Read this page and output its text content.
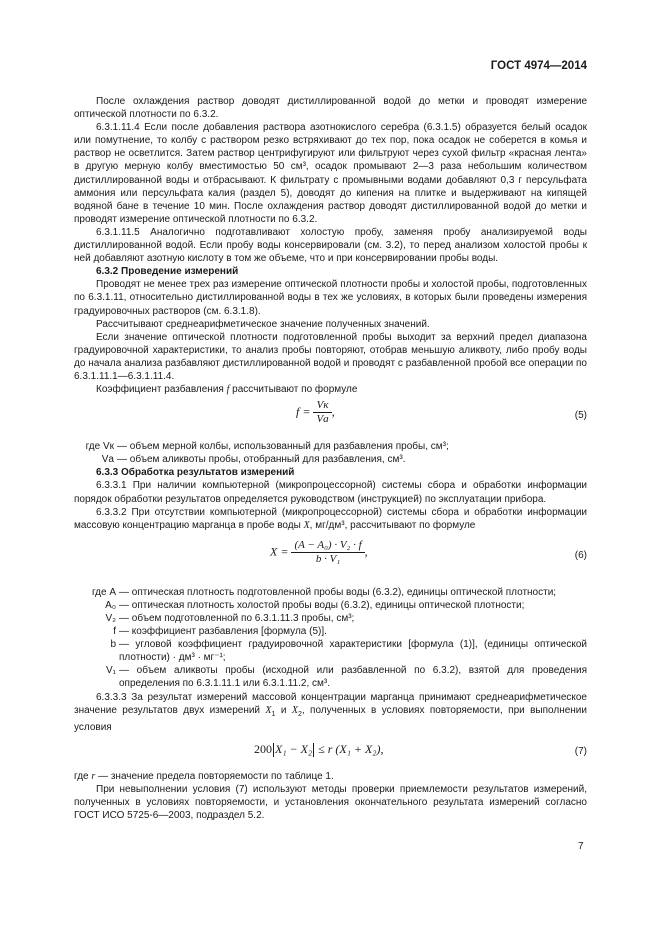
ГОСТ 4974—2014

После охлаждения раствор доводят дистиллированной водой до метки и проводят измерение оптической плотности по 6.3.2.

6.3.1.11.4 Если после добавления раствора азотнокислого серебра (6.3.1.5) образуется белый осадок или помутнение, то колбу с раствором резко встряхивают до тех пор, пока осадок не соберется в комья и раствор не осветлится. Затем раствор центрифугируют или фильтруют через сухой фильтр «красная лента» в другую мерную колбу вместимостью 50 см³, осадок промывают 2—3 раза небольшим количеством дистиллированной воды и отбрасывают. К фильтрату с промывными водами добавляют 0,3 г персульфата аммония или персульфата калия (раздел 5), доводят до кипения на плитке и выдерживают на кипящей водяной бане в течение 10 мин. После охлаждения раствор доводят дистиллированной водой до метки и проводят измерение оптической плотности по 6.3.2.

6.3.1.11.5 Аналогично подготавливают холостую пробу, заменяя пробу анализируемой воды дистиллированной водой. Если пробу воды консервировали (см. 3.2), то перед анализом холостой пробы к ней добавляют азотную кислоту в том же объеме, что и при консервировании пробы воды.

6.3.2 Проведение измерений

Проводят не менее трех раз измерение оптической плотности пробы и холостой пробы, подготовленных по 6.3.1.11, относительно дистиллированной воды в тех же условиях, в которых были проведены измерения градуировочных растворов (см. 6.3.1.8).

Рассчитывают среднеарифметическое значение полученных значений.

Если значение оптической плотности подготовленной пробы выходит за верхний предел диапазона градуировочной характеристики, то анализ пробы повторяют, отобрав меньшую аликвоту, либо пробу воды до начала анализа разбавляют дистиллированной водой и проводят с разбавленной пробой все операции по 6.3.1.11.1—6.3.1.11.4.

Коэффициент разбавления f рассчитывают по формуле

$f = \frac{Vк}{Vа}$ ,	(5)
где Vк — объем мерной колбы, использованный для разбавления пробы, см³;
Vа — объем аликвоты пробы, отобранный для разбавления, см³.
6.3.3 Обработка результатов измерений

6.3.3.1 При наличии компьютерной (микропроцессорной) системы сбора и обработки информации порядок обработки результатов определяется руководством (инструкцией) по эксплуатации прибора.

6.3.3.2 При отсутствии компьютерной (микропроцессорной) системы сбора и обработки информации массовую концентрацию марганца в пробе воды X, мг/дм³, рассчитывают по формуле

$X = \frac{\text{(A − A₀) · V₂ · f}}{\text{b · V₁}}$ ,	(6)
где A — оптическая плотность подготовленной пробы воды (6.3.2), единицы оптической плотности;
A₀ — оптическая плотность холостой пробы воды (6.3.2), единицы оптической плотности;
V₂ — объем подготовленной по 6.3.1.11.3 пробы, см³;
f — коэффициент разбавления [формула (5)].
b — угловой коэффициент градуировочной характеристики [формула (1)], (единицы оптической плотности) · дм³ · мг⁻¹;
V₁ — объем аликвоты пробы (исходной или разбавленной по 6.3.2), взятой для проведения определения по 6.3.1.11.1 или 6.3.1.11.2, см³.

6.3.3.3 За результат измерений массовой концентрации марганца принимают среднеарифметическое значение результатов двух измерений $X_1$ и $X_2$, полученных в условиях повторяемости, при выполнении условия

200 X₁ − X₂ ≤ r (X₁ + X₂),	(7)

где r — значение предела повторяемости по таблице 1.

При невыполнении условия (7) используют методы проверки приемлемости результатов измерений, полученных в условиях повторяемости, и установления окончательного результата измерений согласно ГОСТ ИСО 5725-6—2003, подраздел 5.2.

7
